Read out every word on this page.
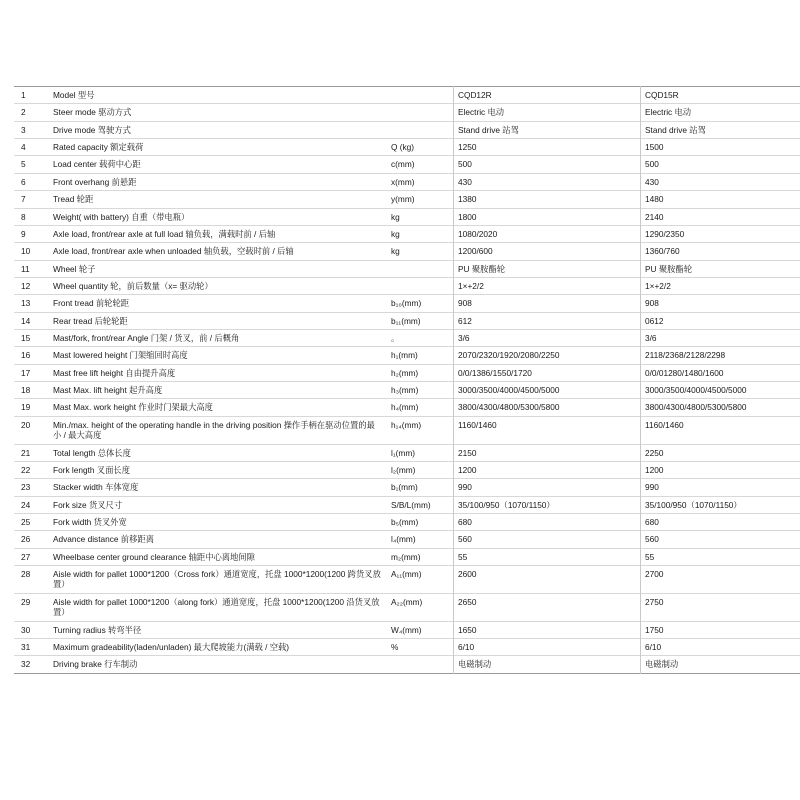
1	Model 型号		CQD12R	CQD15R
2	Steer mode 驱动方式		Electric 电动	Electric 电动
3	Drive mode 驾驶方式		Stand drive 站驾	Stand drive 站驾
4	Rated capacity 额定载荷	Q (kg)	1250	1500
5	Load center 载荷中心距	c(mm)	500	500
6	Front overhang 前悬距	x(mm)	430	430
7	Tread 轮距	y(mm)	1380	1480
8	Weight( with battery) 自重（带电瓶）	kg	1800	2140
9	Axle load, front/rear axle at full load 轴负载，满载时前 / 后轴	kg	1080/2020	1290/2350
10	Axle load, front/rear axle when unloaded 轴负载，空载时前 / 后轴	kg	1200/600	1360/760
11	Wheel 轮子		PU 聚胺酯轮	PU 聚胺酯轮
12	Wheel quantity 轮，前后数量（x= 驱动轮）		1×+2/2	1×+2/2
13	Front tread 前轮轮距	b₁₀(mm)	908	908
14	Rear tread 后轮轮距	b₁₁(mm)	612	0612
15	Mast/fork, front/rear Angle 门架 / 货叉，前 / 后概角	。	3/6	3/6
16	Mast lowered height 门架缩回时高度	h₁(mm)	2070/2320/1920/2080/2250	2118/2368/2128/2298
17	Mast free lift height 自由提升高度	h₂(mm)	0/0/1386/1550/1720	0/0/01280/1480/1600
18	Mast Max. lift height 起升高度	h₃(mm)	3000/3500/4000/4500/5000	3000/3500/4000/4500/5000
19	Mast Max. work height 作业时门架最大高度	h₄(mm)	3800/4300/4800/5300/5800	3800/4300/4800/5300/5800
20	Min./max. height of the operating handle in the driving position 操作手柄在驱动位置的最小 / 最大高度	h₁₄(mm)	1160/1460	1160/1460
21	Total length 总体长度	l₁(mm)	2150	2250
22	Fork length 叉面长度	l₂(mm)	1200	1200
23	Stacker width 车体宽度	b₁(mm)	990	990
24	Fork size 货叉尺寸	S/B/L(mm)	35/100/950（1070/1150）	35/100/950（1070/1150）
25	Fork width 货叉外宽	b₅(mm)	680	680
26	Advance distance 前移距离	l₄(mm)	560	560
27	Wheelbase center ground clearance 轴距中心离地间隙	m₂(mm)	55	55
28	Aisle width for pallet 1000*1200（Cross fork）通道宽度，托盘 1000*1200(1200 跨货叉放置）	A₁₁(mm)	2600	2700
29	Aisle width for pallet 1000*1200（along fork）通道宽度，托盘 1000*1200(1200 沿货叉放置）	A₂₂(mm)	2650	2750
30	Turning radius 转弯半径	W₄(mm)	1650	1750
31	Maximum gradeability(laden/unladen) 最大爬坡能力(满载 / 空载)	%	6/10	6/10
32	Driving brake 行车制动		电磁制动	电磁制动
